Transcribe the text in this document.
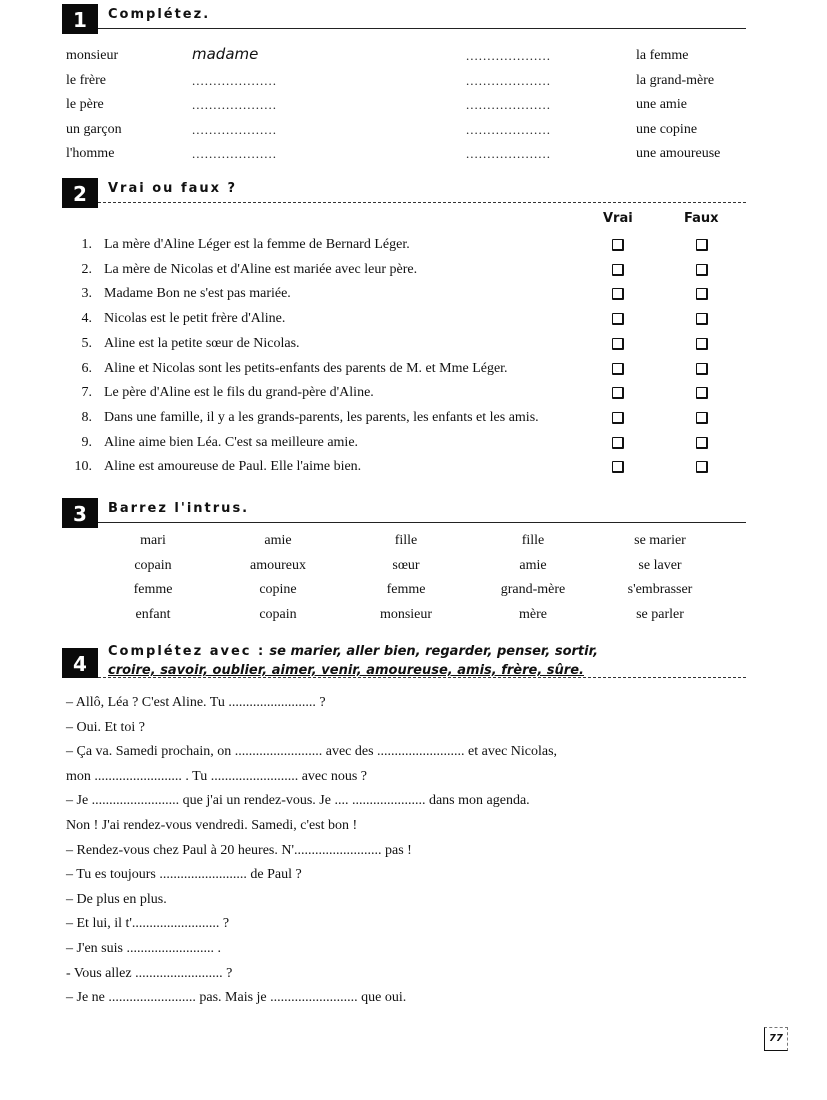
1	Complétez.
monsieur	madame	....................	la femme
le frère	....................	....................	la grand-mère
le père	....................	....................	une amie
un garçon	....................	....................	une copine
l'homme	....................	....................	une amoureuse
2	Vrai ou faux ?
Vrai	Faux
1. La mère d'Aline Léger est la femme de Bernard Léger.
2. La mère de Nicolas et d'Aline est mariée avec leur père.
3. Madame Bon ne s'est pas mariée.
4. Nicolas est le petit frère d'Aline.
5. Aline est la petite sœur de Nicolas.
6. Aline et Nicolas sont les petits-enfants des parents de M. et Mme Léger.
7. Le père d'Aline est le fils du grand-père d'Aline.
8. Dans une famille, il y a les grands-parents, les parents, les enfants et les amis.
9. Aline aime bien Léa. C'est sa meilleure amie.
10. Aline est amoureuse de Paul. Elle l'aime bien.
3	Barrez l'intrus.
mari	amie	fille	fille	se marier
copain	amoureux	sœur	amie	se laver
femme	copine	femme	grand-mère	s'embrasser
enfant	copain	monsieur	mère	se parler
4
Complétez avec : se marier, aller bien, regarder, penser, sortir,
croire, savoir, oublier, aimer, venir, amoureuse, amis, frère, sûre.
– Allô, Léa ? C'est Aline. Tu ......................... ?
– Oui. Et toi ?
– Ça va. Samedi prochain, on ......................... avec des ......................... et avec Nicolas,
mon ......................... . Tu ......................... avec nous ?
– Je ......................... que j'ai un rendez-vous. Je .... ..................... dans mon agenda.
Non ! J'ai rendez-vous vendredi. Samedi, c'est bon !
– Rendez-vous chez Paul à 20 heures. N'......................... pas !
– Tu es toujours ......................... de Paul ?
– De plus en plus.
– Et lui, il t'......................... ?
– J'en suis ......................... .
- Vous allez ......................... ?
– Je ne ......................... pas. Mais je ......................... que oui.
77
